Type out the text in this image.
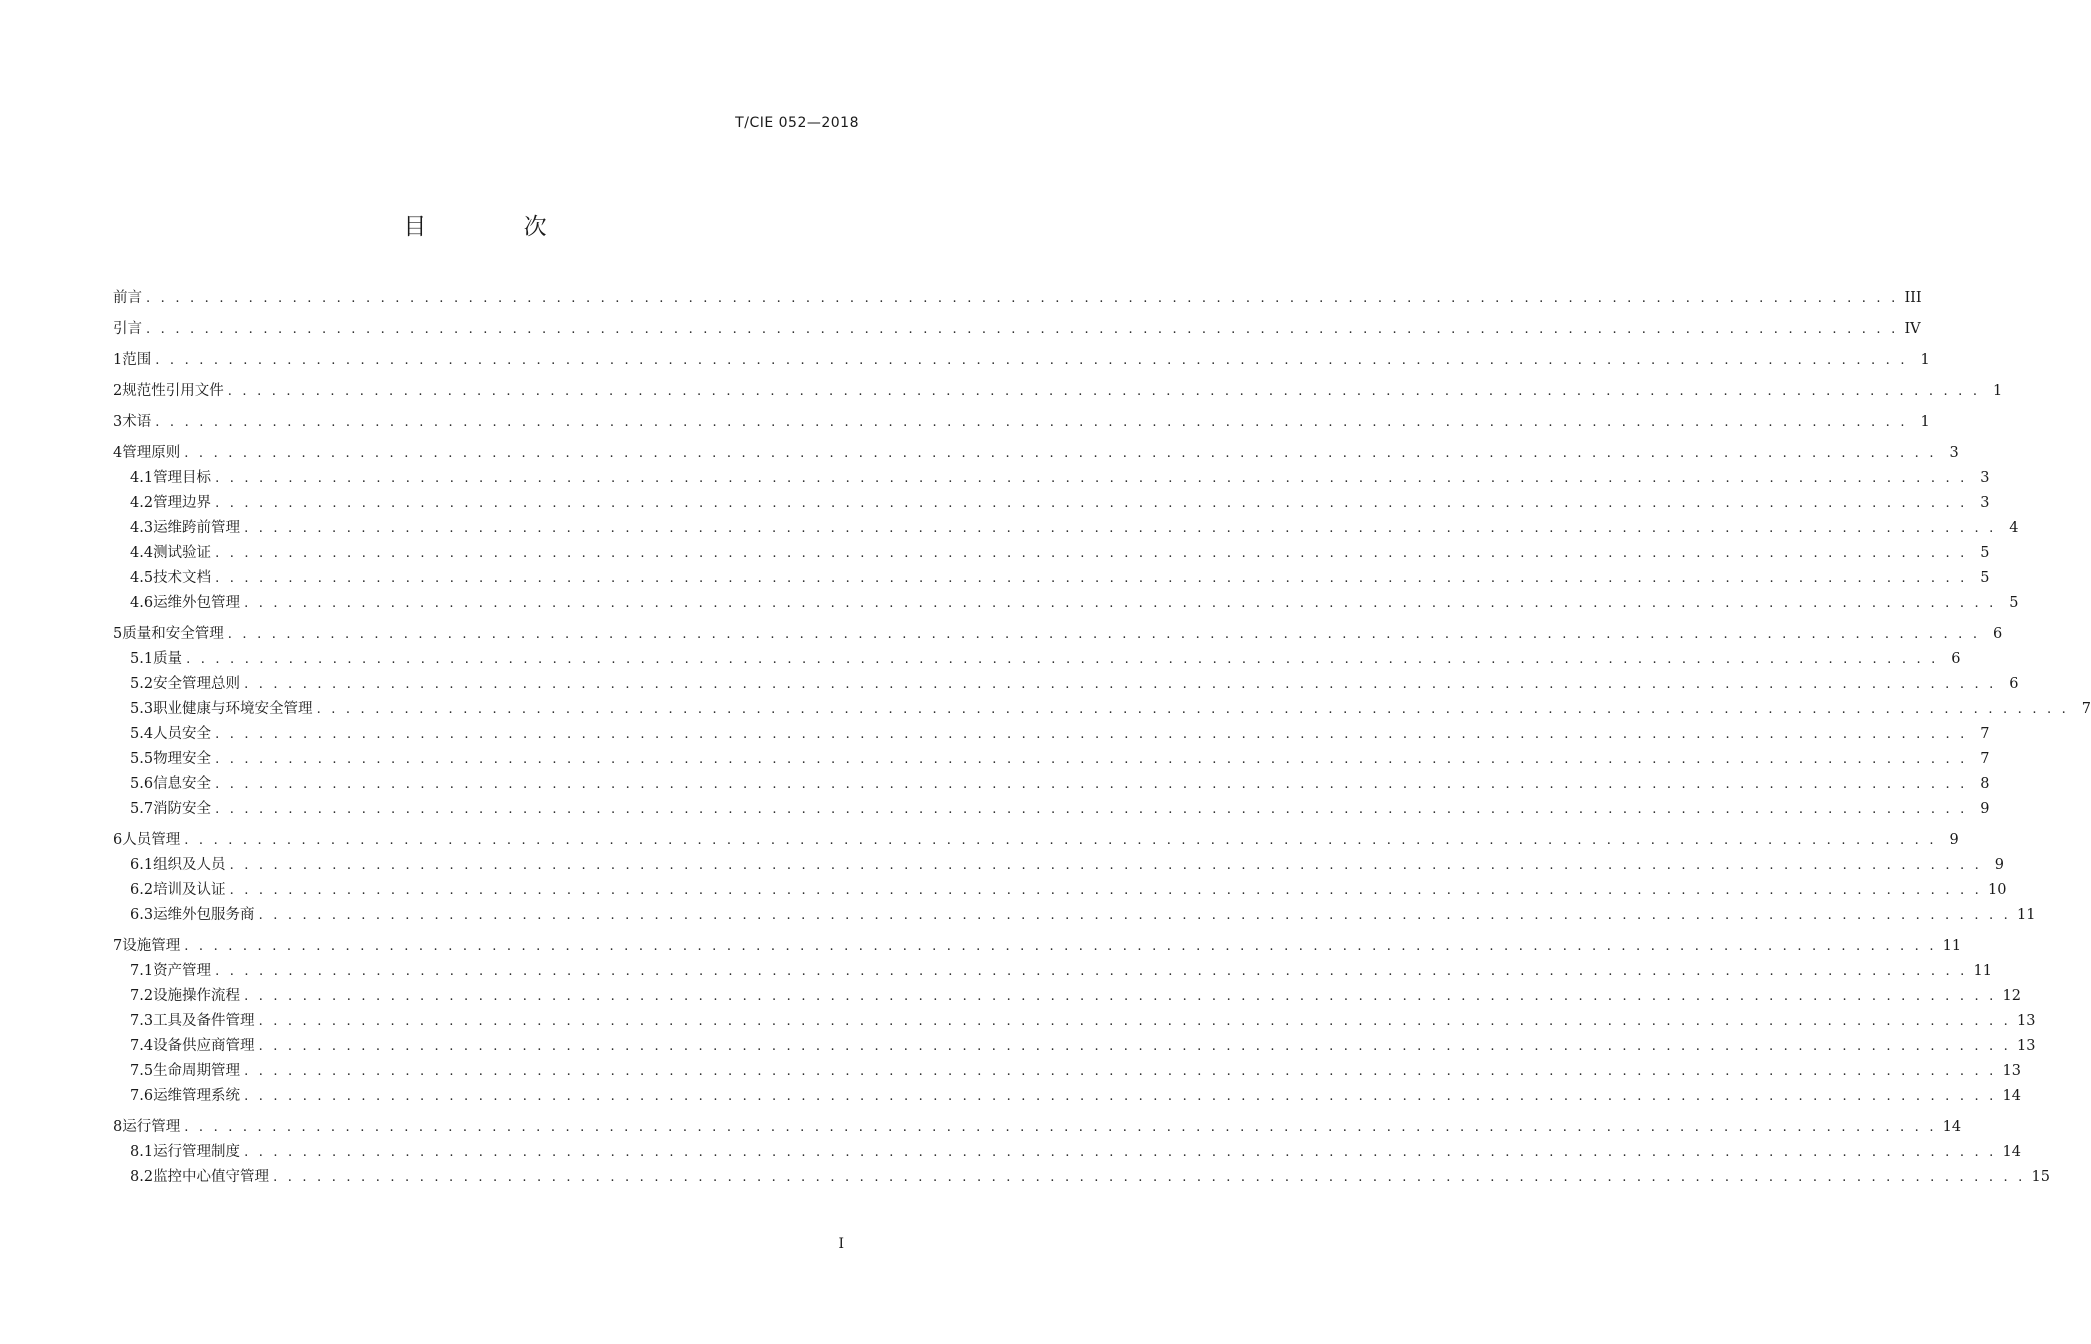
T/CIE 052—2018
目 次
前言 . . . . . . . . . . . . . . . . . . . . . . . . . . . . . . . . . . . . . . . . . . . . . . . . . . . . . . . . . . . . . . . . . . . . . . . . . . . . . . . . . . . . . . . . . . . . . . . . . . . . . . . . . . . . . . . . . . . . . . . . III
引言 . . . . . . . . . . . . . . . . . . . . . . . . . . . . . . . . . . . . . . . . . . . . . . . . . . . . . . . . . . . . . . . . . . . . . . . . . . . . . . . . . . . . . . . . . . . . . . . . . . . . . . . . . . . . . . . . . . . . . . . . IV
1 范围 . . . . . . . . . . . . . . . . . . . . . . . . . . . . . . . . . . . . . . . . . . . . . . . . . . . . . . . . . . . . . . . . . . . . . . . . . . . . . . . . . . . . . . . . . . . . . . . . . . . . . . . . . . . . . . . . . . . . . . . . 1
2 规范性引用文件 . . . . . . . . . . . . . . . . . . . . . . . . . . . . . . . . . . . . . . . . . . . . . . . . . . . . . . . . . . . . . . . . . . . . . . . . . . . . . . . . . . . . . . . . . . . . . . . . . . . . . . . . . . . . . . . . . . . . . . . . 1
3 术语 . . . . . . . . . . . . . . . . . . . . . . . . . . . . . . . . . . . . . . . . . . . . . . . . . . . . . . . . . . . . . . . . . . . . . . . . . . . . . . . . . . . . . . . . . . . . . . . . . . . . . . . . . . . . . . . . . . . . . . . . 1
4 管理原则 . . . . . . . . . . . . . . . . . . . . . . . . . . . . . . . . . . . . . . . . . . . . . . . . . . . . . . . . . . . . . . . . . . . . . . . . . . . . . . . . . . . . . . . . . . . . . . . . . . . . . . . . . . . . . . . . . . . . . . . . 3
4.1 管理目标 . . . . . . . . . . . . . . . . . . . . . . . . . . . . . . . . . . . . . . . . . . . . . . . . . . . . . . . . . . . . . . . . . . . . . . . . . . . . . . . . . . . . . . . . . . . . . . . . . . . . . . . . . . . . . . . . . . . . . . . . 3
4.2 管理边界 . . . . . . . . . . . . . . . . . . . . . . . . . . . . . . . . . . . . . . . . . . . . . . . . . . . . . . . . . . . . . . . . . . . . . . . . . . . . . . . . . . . . . . . . . . . . . . . . . . . . . . . . . . . . . . . . . . . . . . . . 3
4.3 运维跨前管理 . . . . . . . . . . . . . . . . . . . . . . . . . . . . . . . . . . . . . . . . . . . . . . . . . . . . . . . . . . . . . . . . . . . . . . . . . . . . . . . . . . . . . . . . . . . . . . . . . . . . . . . . . . . . . . . . . . . . . . . . 4
4.4 测试验证 . . . . . . . . . . . . . . . . . . . . . . . . . . . . . . . . . . . . . . . . . . . . . . . . . . . . . . . . . . . . . . . . . . . . . . . . . . . . . . . . . . . . . . . . . . . . . . . . . . . . . . . . . . . . . . . . . . . . . . . . 5
4.5 技术文档 . . . . . . . . . . . . . . . . . . . . . . . . . . . . . . . . . . . . . . . . . . . . . . . . . . . . . . . . . . . . . . . . . . . . . . . . . . . . . . . . . . . . . . . . . . . . . . . . . . . . . . . . . . . . . . . . . . . . . . . . 5
4.6 运维外包管理 . . . . . . . . . . . . . . . . . . . . . . . . . . . . . . . . . . . . . . . . . . . . . . . . . . . . . . . . . . . . . . . . . . . . . . . . . . . . . . . . . . . . . . . . . . . . . . . . . . . . . . . . . . . . . . . . . . . . . . . . 5
5 质量和安全管理 . . . . . . . . . . . . . . . . . . . . . . . . . . . . . . . . . . . . . . . . . . . . . . . . . . . . . . . . . . . . . . . . . . . . . . . . . . . . . . . . . . . . . . . . . . . . . . . . . . . . . . . . . . . . . . . . . . . . . . . . 6
5.1 质量 . . . . . . . . . . . . . . . . . . . . . . . . . . . . . . . . . . . . . . . . . . . . . . . . . . . . . . . . . . . . . . . . . . . . . . . . . . . . . . . . . . . . . . . . . . . . . . . . . . . . . . . . . . . . . . . . . . . . . . . . 6
5.2 安全管理总则 . . . . . . . . . . . . . . . . . . . . . . . . . . . . . . . . . . . . . . . . . . . . . . . . . . . . . . . . . . . . . . . . . . . . . . . . . . . . . . . . . . . . . . . . . . . . . . . . . . . . . . . . . . . . . . . . . . . . . . . . 6
5.3 职业健康与环境安全管理 . . . . . . . . . . . . . . . . . . . . . . . . . . . . . . . . . . . . . . . . . . . . . . . . . . . . . . . . . . . . . . . . . . . . . . . . . . . . . . . . . . . . . . . . . . . . . . . . . . . . . . . . . . . . . . . . . . . . . . . . 7
5.4 人员安全 . . . . . . . . . . . . . . . . . . . . . . . . . . . . . . . . . . . . . . . . . . . . . . . . . . . . . . . . . . . . . . . . . . . . . . . . . . . . . . . . . . . . . . . . . . . . . . . . . . . . . . . . . . . . . . . . . . . . . . . . 7
5.5 物理安全 . . . . . . . . . . . . . . . . . . . . . . . . . . . . . . . . . . . . . . . . . . . . . . . . . . . . . . . . . . . . . . . . . . . . . . . . . . . . . . . . . . . . . . . . . . . . . . . . . . . . . . . . . . . . . . . . . . . . . . . . 7
5.6 信息安全 . . . . . . . . . . . . . . . . . . . . . . . . . . . . . . . . . . . . . . . . . . . . . . . . . . . . . . . . . . . . . . . . . . . . . . . . . . . . . . . . . . . . . . . . . . . . . . . . . . . . . . . . . . . . . . . . . . . . . . . . 8
5.7 消防安全 . . . . . . . . . . . . . . . . . . . . . . . . . . . . . . . . . . . . . . . . . . . . . . . . . . . . . . . . . . . . . . . . . . . . . . . . . . . . . . . . . . . . . . . . . . . . . . . . . . . . . . . . . . . . . . . . . . . . . . . . 9
6 人员管理 . . . . . . . . . . . . . . . . . . . . . . . . . . . . . . . . . . . . . . . . . . . . . . . . . . . . . . . . . . . . . . . . . . . . . . . . . . . . . . . . . . . . . . . . . . . . . . . . . . . . . . . . . . . . . . . . . . . . . . . . 9
6.1 组织及人员 . . . . . . . . . . . . . . . . . . . . . . . . . . . . . . . . . . . . . . . . . . . . . . . . . . . . . . . . . . . . . . . . . . . . . . . . . . . . . . . . . . . . . . . . . . . . . . . . . . . . . . . . . . . . . . . . . . . . . . . . 9
6.2 培训及认证 . . . . . . . . . . . . . . . . . . . . . . . . . . . . . . . . . . . . . . . . . . . . . . . . . . . . . . . . . . . . . . . . . . . . . . . . . . . . . . . . . . . . . . . . . . . . . . . . . . . . . . . . . . . . . . . . . . . . . . . . 10
6.3 运维外包服务商 . . . . . . . . . . . . . . . . . . . . . . . . . . . . . . . . . . . . . . . . . . . . . . . . . . . . . . . . . . . . . . . . . . . . . . . . . . . . . . . . . . . . . . . . . . . . . . . . . . . . . . . . . . . . . . . . . . . . . . . . 11
7 设施管理 . . . . . . . . . . . . . . . . . . . . . . . . . . . . . . . . . . . . . . . . . . . . . . . . . . . . . . . . . . . . . . . . . . . . . . . . . . . . . . . . . . . . . . . . . . . . . . . . . . . . . . . . . . . . . . . . . . . . . . . . 11
7.1 资产管理 . . . . . . . . . . . . . . . . . . . . . . . . . . . . . . . . . . . . . . . . . . . . . . . . . . . . . . . . . . . . . . . . . . . . . . . . . . . . . . . . . . . . . . . . . . . . . . . . . . . . . . . . . . . . . . . . . . . . . . . . 11
7.2 设施操作流程 . . . . . . . . . . . . . . . . . . . . . . . . . . . . . . . . . . . . . . . . . . . . . . . . . . . . . . . . . . . . . . . . . . . . . . . . . . . . . . . . . . . . . . . . . . . . . . . . . . . . . . . . . . . . . . . . . . . . . . . . 12
7.3 工具及备件管理 . . . . . . . . . . . . . . . . . . . . . . . . . . . . . . . . . . . . . . . . . . . . . . . . . . . . . . . . . . . . . . . . . . . . . . . . . . . . . . . . . . . . . . . . . . . . . . . . . . . . . . . . . . . . . . . . . . . . . . . . 13
7.4 设备供应商管理 . . . . . . . . . . . . . . . . . . . . . . . . . . . . . . . . . . . . . . . . . . . . . . . . . . . . . . . . . . . . . . . . . . . . . . . . . . . . . . . . . . . . . . . . . . . . . . . . . . . . . . . . . . . . . . . . . . . . . . . . 13
7.5 生命周期管理 . . . . . . . . . . . . . . . . . . . . . . . . . . . . . . . . . . . . . . . . . . . . . . . . . . . . . . . . . . . . . . . . . . . . . . . . . . . . . . . . . . . . . . . . . . . . . . . . . . . . . . . . . . . . . . . . . . . . . . . . 13
7.6 运维管理系统 . . . . . . . . . . . . . . . . . . . . . . . . . . . . . . . . . . . . . . . . . . . . . . . . . . . . . . . . . . . . . . . . . . . . . . . . . . . . . . . . . . . . . . . . . . . . . . . . . . . . . . . . . . . . . . . . . . . . . . . . 14
8 运行管理 . . . . . . . . . . . . . . . . . . . . . . . . . . . . . . . . . . . . . . . . . . . . . . . . . . . . . . . . . . . . . . . . . . . . . . . . . . . . . . . . . . . . . . . . . . . . . . . . . . . . . . . . . . . . . . . . . . . . . . . . 14
8.1 运行管理制度 . . . . . . . . . . . . . . . . . . . . . . . . . . . . . . . . . . . . . . . . . . . . . . . . . . . . . . . . . . . . . . . . . . . . . . . . . . . . . . . . . . . . . . . . . . . . . . . . . . . . . . . . . . . . . . . . . . . . . . . . 14
8.2 监控中心值守管理 . . . . . . . . . . . . . . . . . . . . . . . . . . . . . . . . . . . . . . . . . . . . . . . . . . . . . . . . . . . . . . . . . . . . . . . . . . . . . . . . . . . . . . . . . . . . . . . . . . . . . . . . . . . . . . . . . . . . . . . . 15
I
